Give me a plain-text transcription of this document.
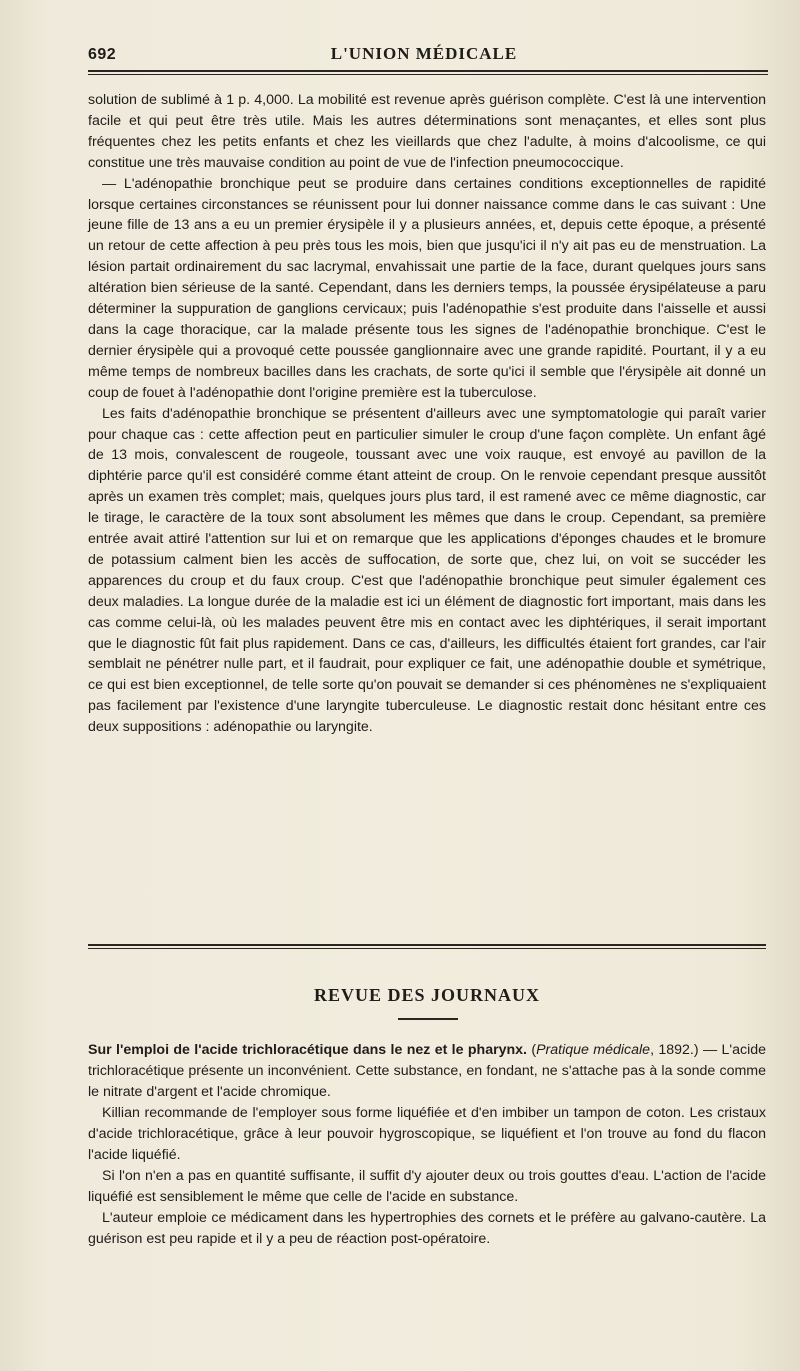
692	L'UNION MÉDICALE

solution de sublimé à 1 p. 4,000. La mobilité est revenue après guérison complète. C'est là une intervention facile et qui peut être très utile. Mais les autres déterminations sont menaçantes, et elles sont plus fréquentes chez les petits enfants et chez les vieillards que chez l'adulte, à moins d'alcoolisme, ce qui constitue une très mauvaise condition au point de vue de l'infection pneumococcique.

— L'adénopathie bronchique peut se produire dans certaines conditions exceptionnelles de rapidité lorsque certaines circonstances se réunissent pour lui donner naissance comme dans le cas suivant : Une jeune fille de 13 ans a eu un premier érysipèle il y a plusieurs années, et, depuis cette époque, a présenté un retour de cette affection à peu près tous les mois, bien que jusqu'ici il n'y ait pas eu de menstruation. La lésion partait ordinairement du sac lacrymal, envahissait une partie de la face, durant quelques jours sans altération bien sérieuse de la santé. Cependant, dans les derniers temps, la poussée érysipélateuse a paru déterminer la suppuration de ganglions cervicaux; puis l'adénopathie s'est produite dans l'aisselle et aussi dans la cage thoracique, car la malade présente tous les signes de l'adénopathie bronchique. C'est le dernier érysipèle qui a provoqué cette poussée ganglionnaire avec une grande rapidité. Pourtant, il y a eu même temps de nombreux bacilles dans les crachats, de sorte qu'ici il semble que l'érysipèle ait donné un coup de fouet à l'adénopathie dont l'origine première est la tuberculose.

Les faits d'adénopathie bronchique se présentent d'ailleurs avec une symptomatologie qui paraît varier pour chaque cas : cette affection peut en particulier simuler le croup d'une façon complète. Un enfant âgé de 13 mois, convalescent de rougeole, toussant avec une voix rauque, est envoyé au pavillon de la diphtérie parce qu'il est considéré comme étant atteint de croup. On le renvoie cependant presque aussitôt après un examen très complet; mais, quelques jours plus tard, il est ramené avec ce même diagnostic, car le tirage, le caractère de la toux sont absolument les mêmes que dans le croup. Cependant, sa première entrée avait attiré l'attention sur lui et on remarque que les applications d'éponges chaudes et le bromure de potassium calment bien les accès de suffocation, de sorte que, chez lui, on voit se succéder les apparences du croup et du faux croup. C'est que l'adénopathie bronchique peut simuler également ces deux maladies. La longue durée de la maladie est ici un élément de diagnostic fort important, mais dans les cas comme celui-là, où les malades peuvent être mis en contact avec les diphtériques, il serait important que le diagnostic fût fait plus rapidement. Dans ce cas, d'ailleurs, les difficultés étaient fort grandes, car l'air semblait ne pénétrer nulle part, et il faudrait, pour expliquer ce fait, une adénopathie double et symétrique, ce qui est bien exceptionnel, de telle sorte qu'on pouvait se demander si ces phénomènes ne s'expliquaient pas facilement par l'existence d'une laryngite tuberculeuse. Le diagnostic restait donc hésitant entre ces deux suppositions : adénopathie ou laryngite.

REVUE DES JOURNAUX

Sur l'emploi de l'acide trichloracétique dans le nez et le pharynx. (Pratique médicale, 1892.) — L'acide trichloracétique présente un inconvénient. Cette substance, en fondant, ne s'attache pas à la sonde comme le nitrate d'argent et l'acide chromique.

Killian recommande de l'employer sous forme liquéfiée et d'en imbiber un tampon de coton. Les cristaux d'acide trichloracétique, grâce à leur pouvoir hygroscopique, se liquéfient et l'on trouve au fond du flacon l'acide liquéfié.

Si l'on n'en a pas en quantité suffisante, il suffit d'y ajouter deux ou trois gouttes d'eau. L'action de l'acide liquéfié est sensiblement le même que celle de l'acide en substance.

L'auteur emploie ce médicament dans les hypertrophies des cornets et le préfère au galvano-cautère. La guérison est peu rapide et il y a peu de réaction post-opératoire.
